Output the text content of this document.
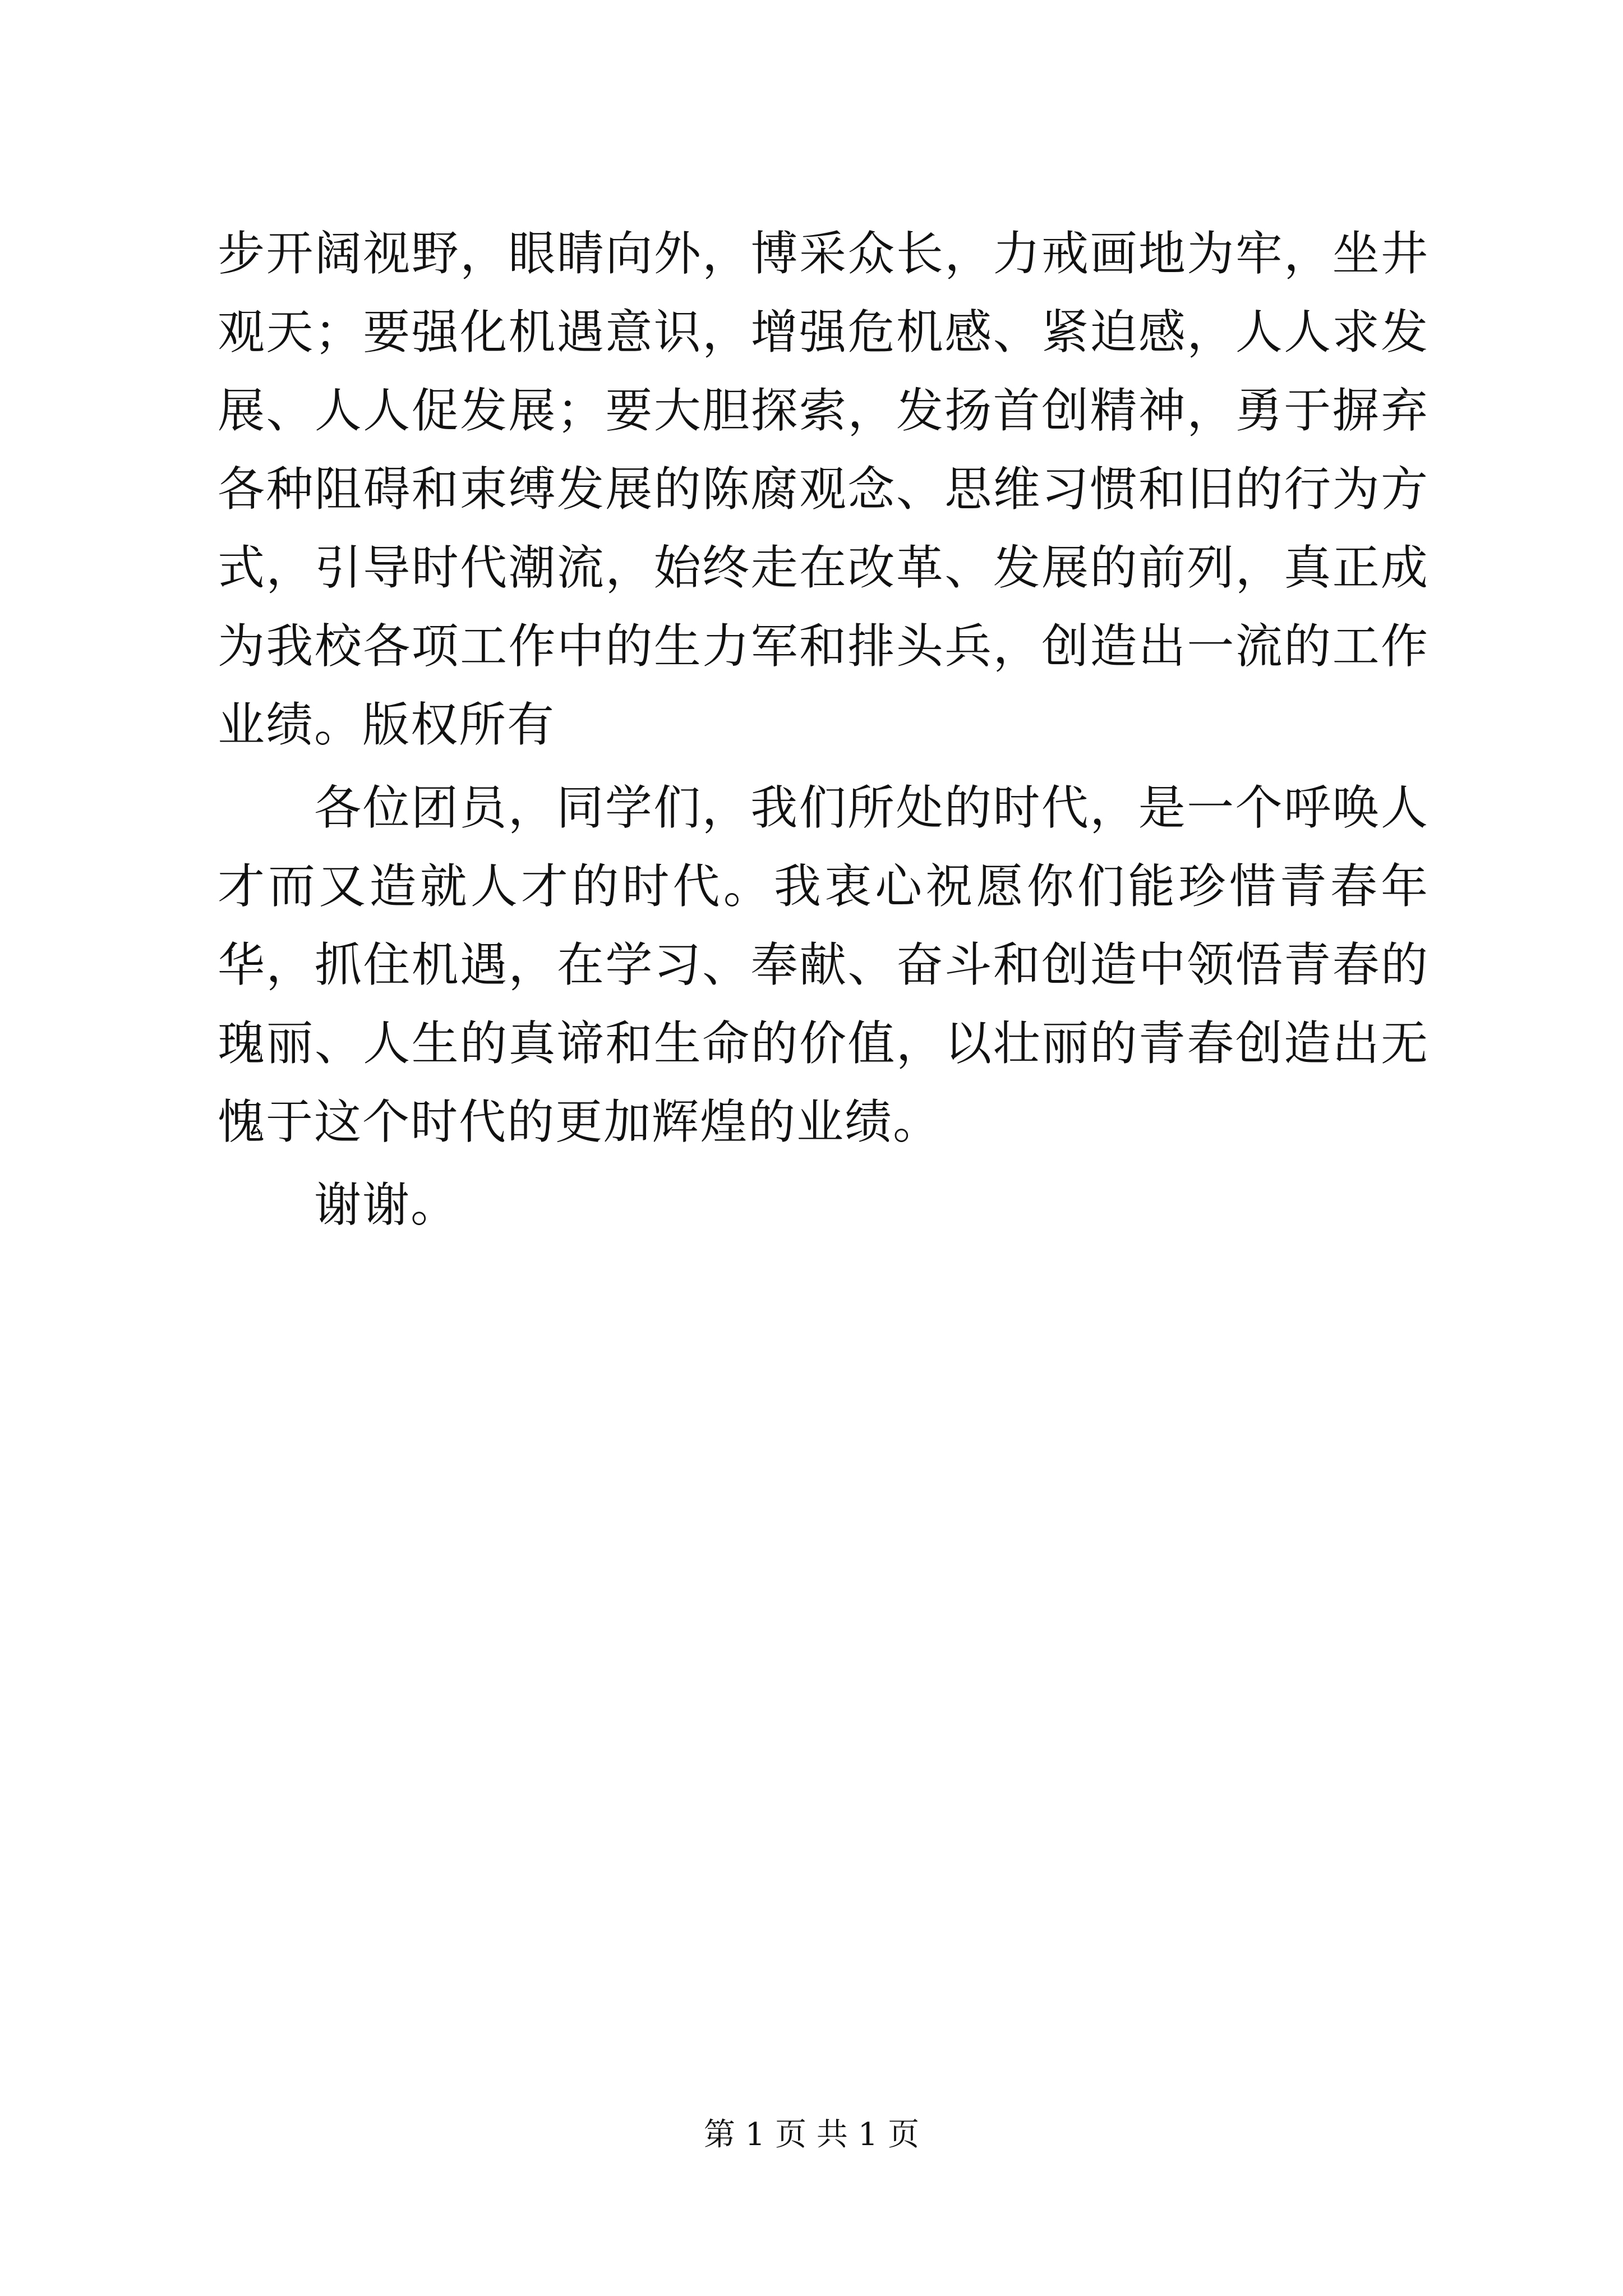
步开阔视野，眼睛向外，博采众长，力戒画地为牢，坐井观天；要强化机遇意识，增强危机感、紧迫感，人人求发展、人人促发展；要大胆探索，发扬首创精神，勇于摒弃各种阻碍和束缚发展的陈腐观念、思维习惯和旧的行为方式，引导时代潮流，始终走在改革、发展的前列，真正成为我校各项工作中的生力军和排头兵，创造出一流的工作业绩。版权所有

各位团员，同学们，我们所处的时代，是一个呼唤人才而又造就人才的时代。我衷心祝愿你们能珍惜青春年华，抓住机遇，在学习、奉献、奋斗和创造中领悟青春的瑰丽、人生的真谛和生命的价值，以壮丽的青春创造出无愧于这个时代的更加辉煌的业绩。

谢谢。

第 1 页 共 1 页
